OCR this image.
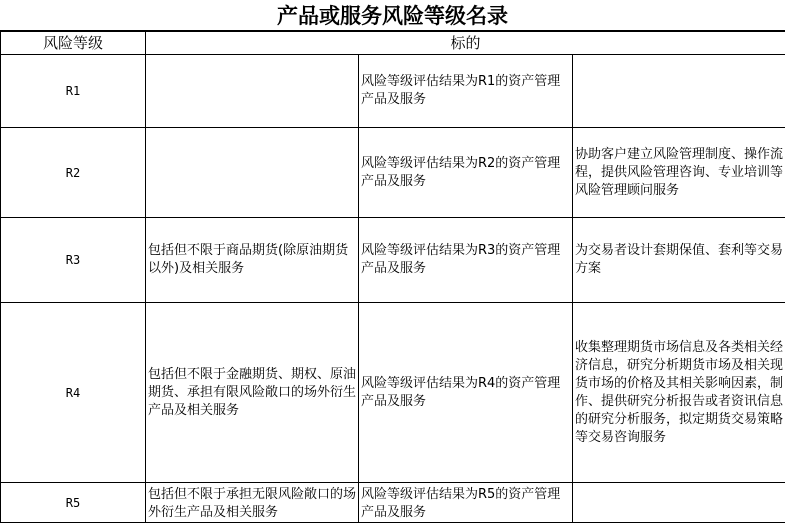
产品或服务风险等级名录
风险等级	标的		
R1		风险等级评估结果为R1的资产管理产品及服务	
R2		风险等级评估结果为R2的资产管理产品及服务	协助客户建立风险管理制度、操作流程，提供风险管理咨询、专业培训等风险管理顾问服务
R3	包括但不限于商品期货(除原油期货以外)及相关服务	风险等级评估结果为R3的资产管理产品及服务	为交易者设计套期保值、套利等交易方案
R4	包括但不限于金融期货、期权、原油期货、承担有限风险敞口的场外衍生产品及相关服务	风险等级评估结果为R4的资产管理产品及服务	收集整理期货市场信息及各类相关经济信息，研究分析期货市场及相关现货市场的价格及其相关影响因素，制作、提供研究分析报告或者资讯信息的研究分析服务，拟定期货交易策略等交易咨询服务
R5	包括但不限于承担无限风险敞口的场外衍生产品及相关服务	风险等级评估结果为R5的资产管理产品及服务	
